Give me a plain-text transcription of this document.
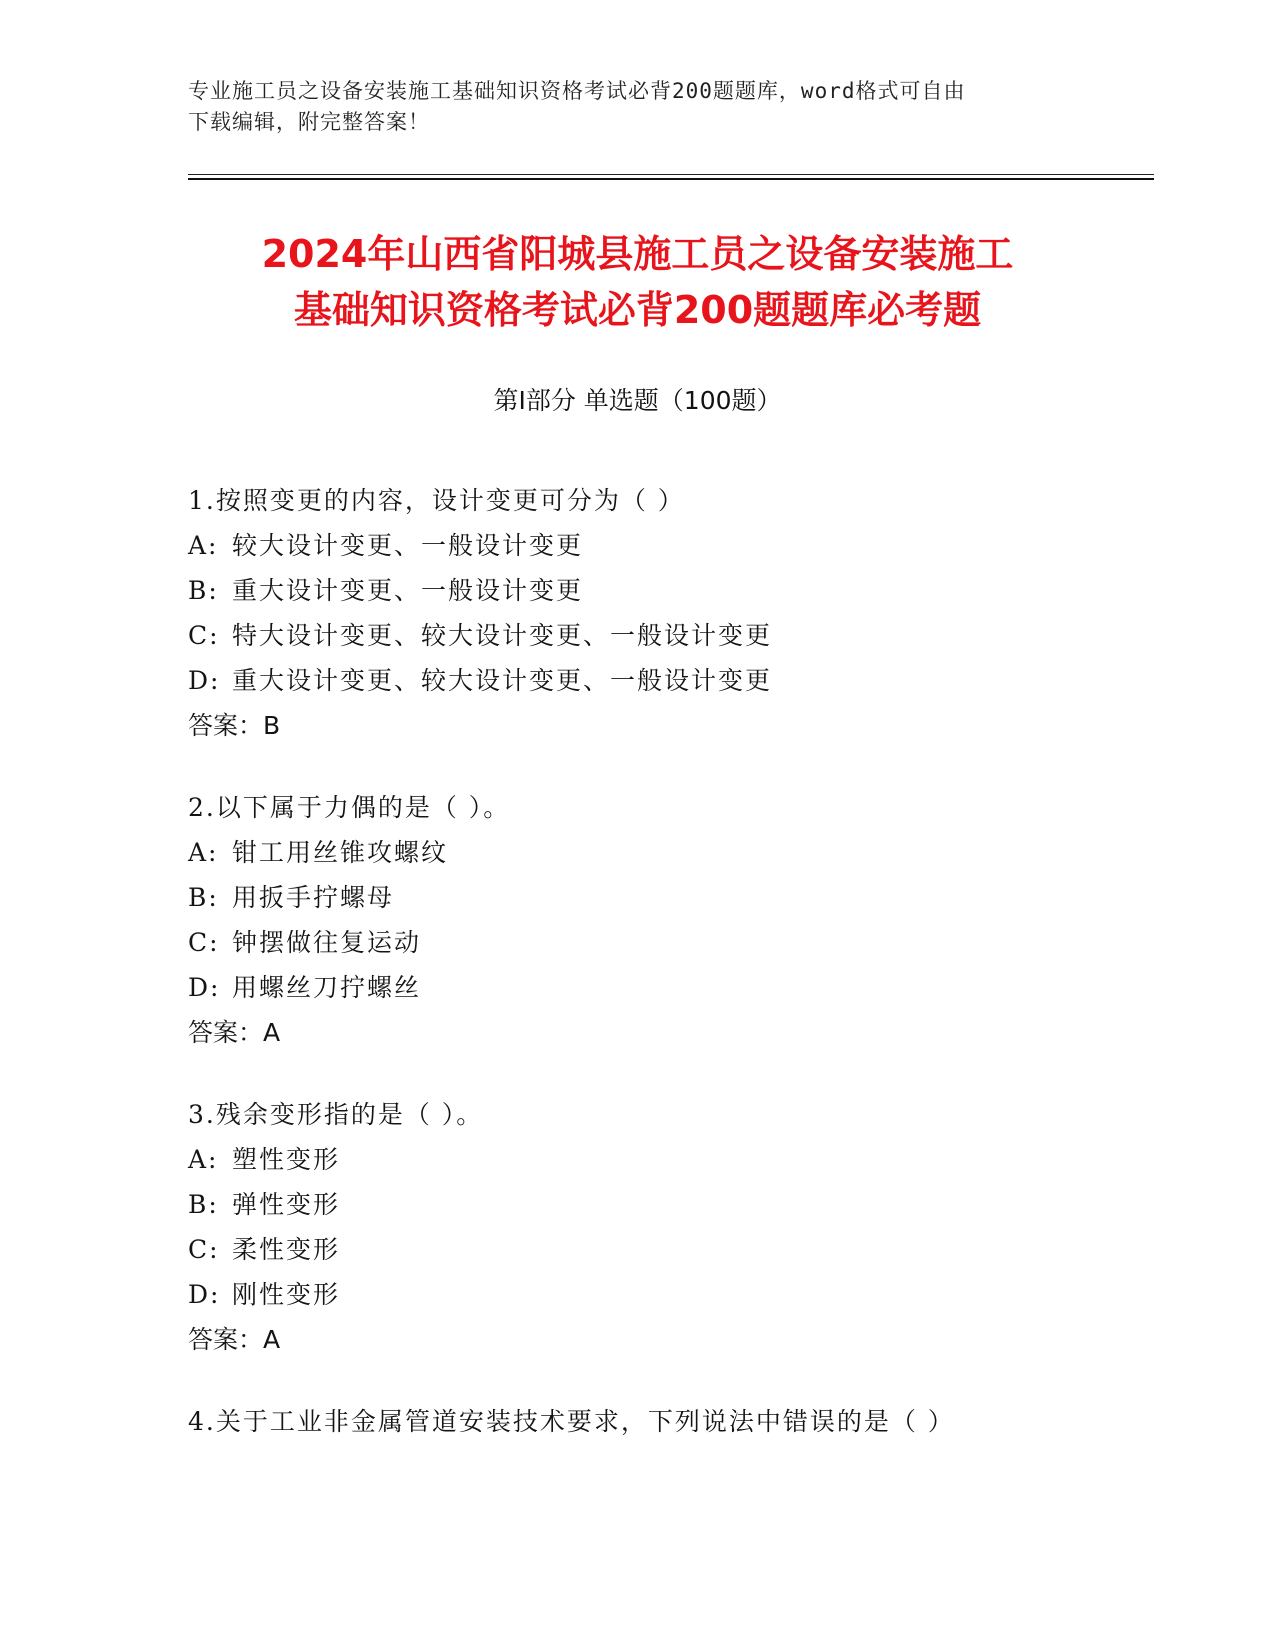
专业施工员之设备安装施工基础知识资格考试必背200题题库，word格式可自由
下载编辑，附完整答案！
2024年山西省阳城县施工员之设备安装施工
基础知识资格考试必背200题题库必考题
第Ⅰ部分 单选题（100题）
1.按照变更的内容，设计变更可分为（ ）
A: 较大设计变更、一般设计变更
B: 重大设计变更、一般设计变更
C: 特大设计变更、较大设计变更、一般设计变更
D: 重大设计变更、较大设计变更、一般设计变更
答案：B
2.以下属于力偶的是（ ）。
A: 钳工用丝锥攻螺纹
B: 用扳手拧螺母
C: 钟摆做往复运动
D: 用螺丝刀拧螺丝
答案：A
3.残余变形指的是（ ）。
A: 塑性变形
B: 弹性变形
C: 柔性变形
D: 刚性变形
答案：A
4.关于工业非金属管道安装技术要求，下列说法中错误的是（ ）
